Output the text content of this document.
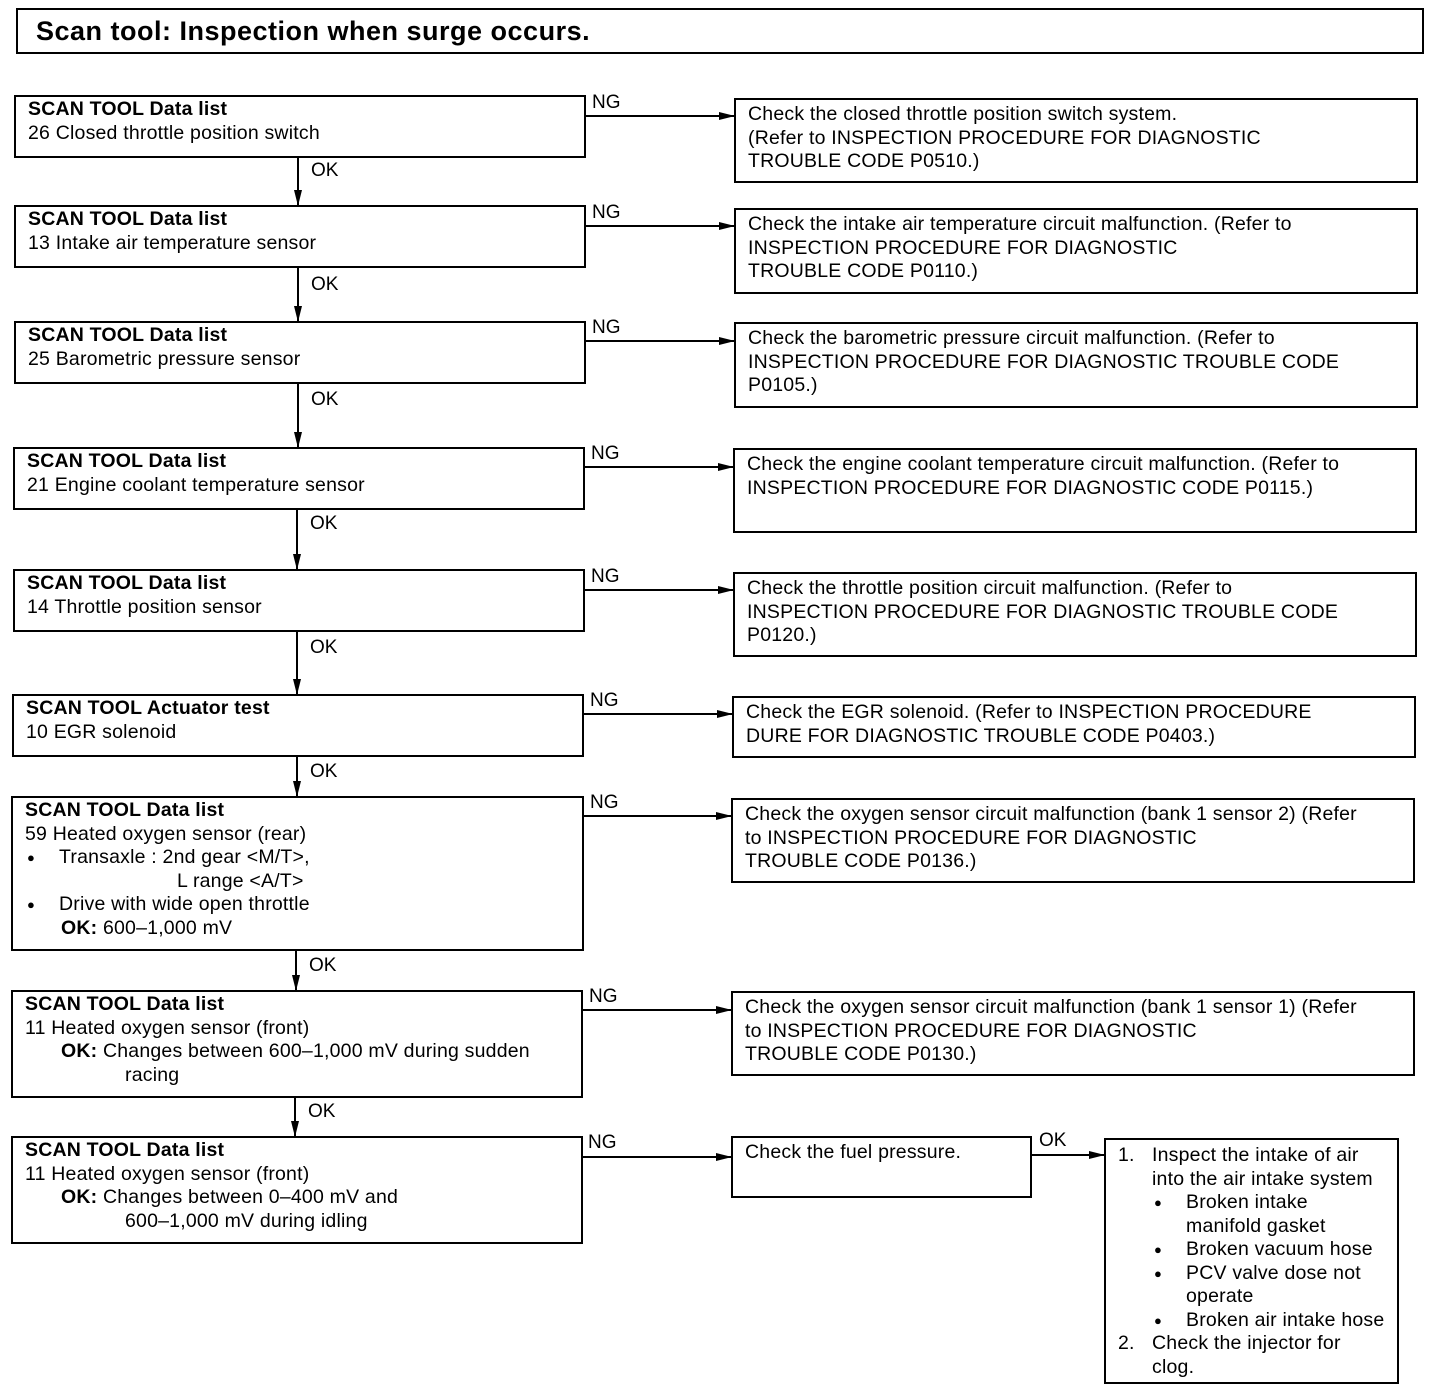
Scan tool: Inspection when surge occurs.
OK
OK
OK
OK
OK
OK
OK
OK
OK
NG
NG
NG
NG
NG
NG
NG
NG
NG
SCAN TOOL Data list
26 Closed throttle position switch
SCAN TOOL Data list
13 Intake air temperature sensor
SCAN TOOL Data list
25 Barometric pressure sensor
SCAN TOOL Data list
21 Engine coolant temperature sensor
SCAN TOOL Data list
14 Throttle position sensor
SCAN TOOL Actuator test
10 EGR solenoid
SCAN TOOL Data list
59 Heated oxygen sensor (rear)
● Transaxle : 2nd gear <M/T>,
L range <A/T>
● Drive with wide open throttle
OK: 600–1,000 mV
SCAN TOOL Data list
11 Heated oxygen sensor (front)
OK: Changes between 600–1,000 mV during sudden
racing
SCAN TOOL Data list
11 Heated oxygen sensor (front)
OK: Changes between 0–400 mV and
600–1,000 mV during idling
Check the closed throttle position switch system.
(Refer to INSPECTION PROCEDURE FOR DIAGNOSTIC
TROUBLE CODE P0510.)
Check the intake air temperature circuit malfunction. (Refer to
INSPECTION PROCEDURE FOR DIAGNOSTIC
TROUBLE CODE P0110.)
Check the barometric pressure circuit malfunction. (Refer to
INSPECTION PROCEDURE FOR DIAGNOSTIC TROUBLE CODE
P0105.)
Check the engine coolant temperature circuit malfunction. (Refer to
INSPECTION PROCEDURE FOR DIAGNOSTIC CODE P0115.)
Check the throttle position circuit malfunction. (Refer to
INSPECTION PROCEDURE FOR DIAGNOSTIC TROUBLE CODE
P0120.)
Check the EGR solenoid. (Refer to INSPECTION PROCEDURE
DURE FOR DIAGNOSTIC TROUBLE CODE P0403.)
Check the oxygen sensor circuit malfunction (bank 1 sensor 2) (Refer
to INSPECTION PROCEDURE FOR DIAGNOSTIC
TROUBLE CODE P0136.)
Check the oxygen sensor circuit malfunction (bank 1 sensor 1) (Refer
to INSPECTION PROCEDURE FOR DIAGNOSTIC
TROUBLE CODE P0130.)
Check the fuel pressure.	1. Inspect the intake of air into the air intake system
● Broken intake manifold gasket
● Broken vacuum hose
● PCV valve dose not operate
● Broken air intake hose
2. Check the injector for clog.
